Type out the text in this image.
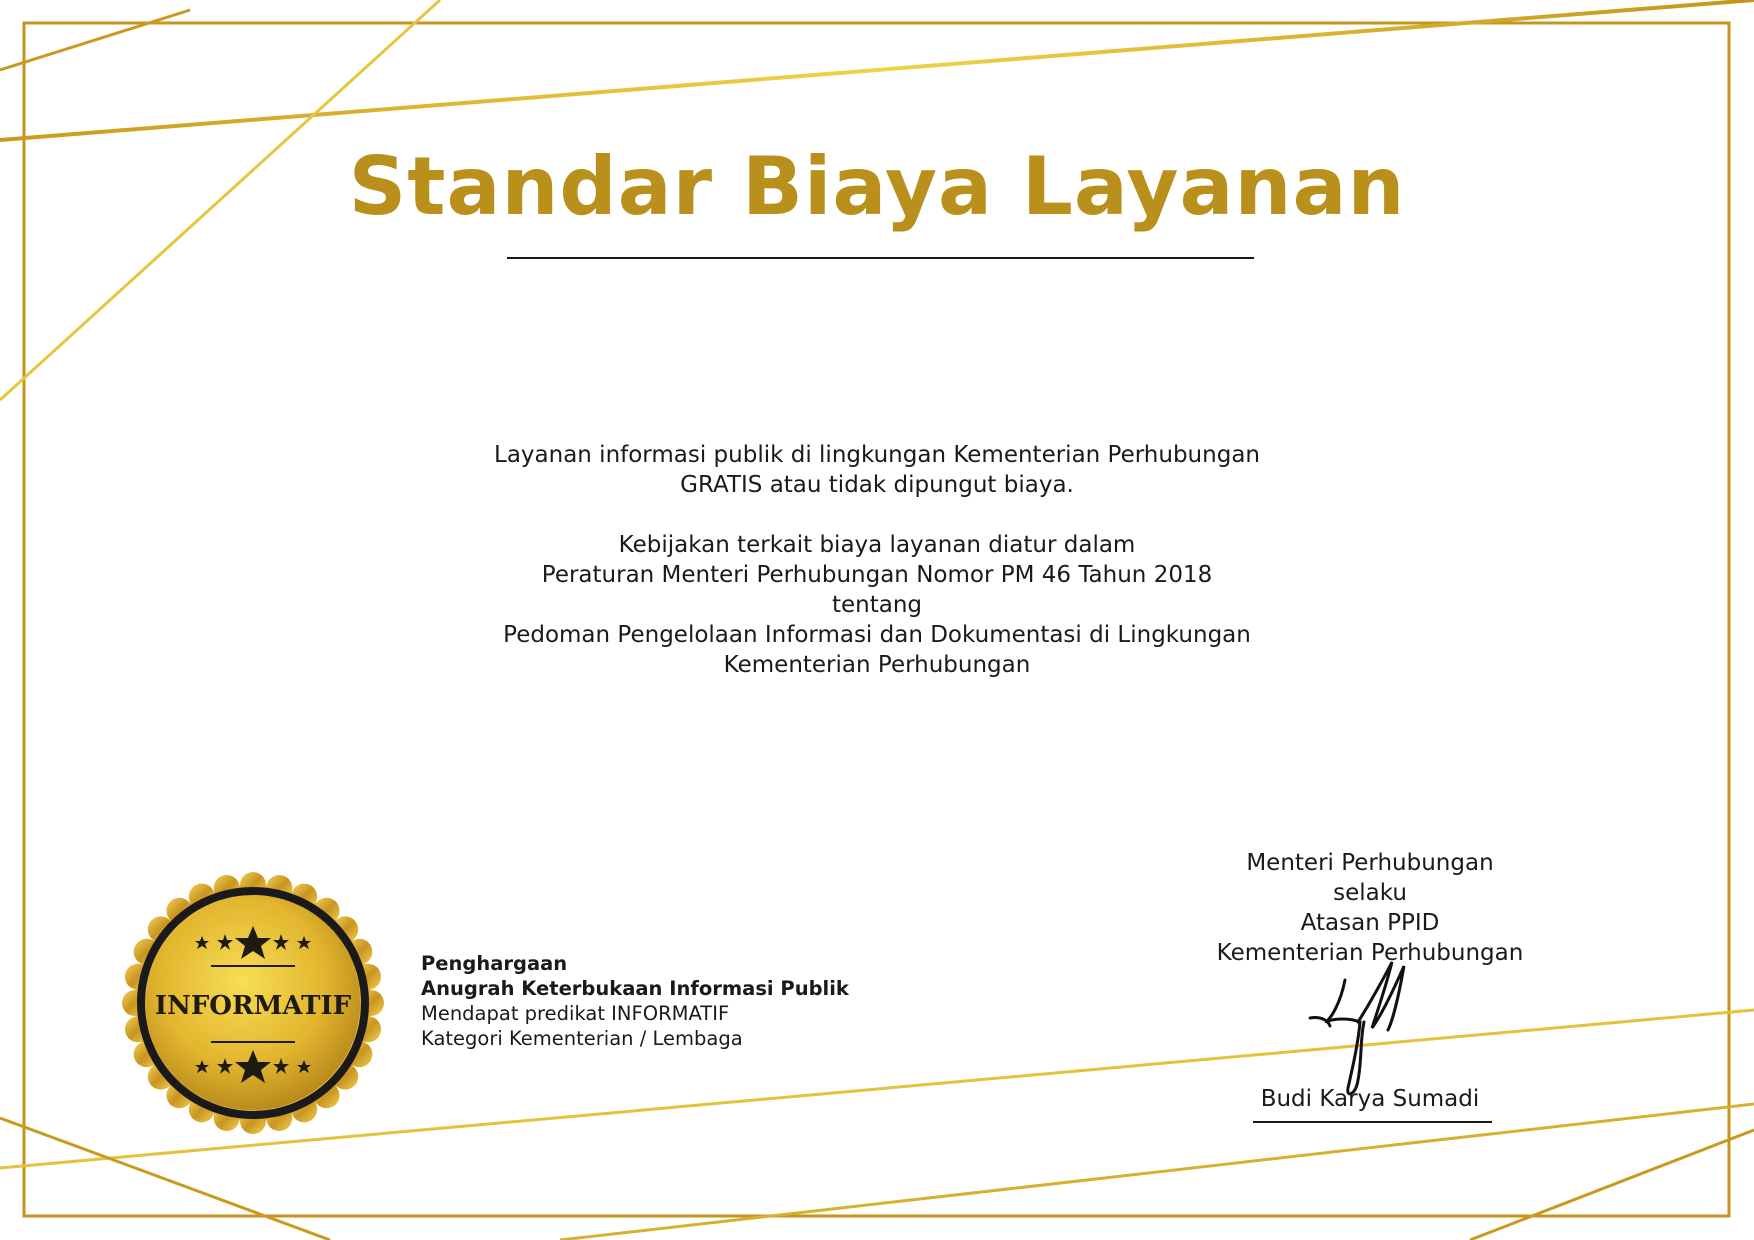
Standar Biaya Layanan
Layanan informasi publik di lingkungan Kementerian Perhubungan
GRATIS atau tidak dipungut biaya.
Kebijakan terkait biaya layanan diatur dalam
Peraturan Menteri Perhubungan Nomor PM 46 Tahun 2018
tentang
Pedoman Pengelolaan Informasi dan Dokumentasi di Lingkungan
Kementerian Perhubungan
INFORMATIF
Penghargaan
Anugrah Keterbukaan Informasi Publik
Mendapat predikat INFORMATIF
Kategori Kementerian / Lembaga
Menteri Perhubungan
selaku
Atasan PPID
Kementerian Perhubungan
Budi Karya Sumadi
